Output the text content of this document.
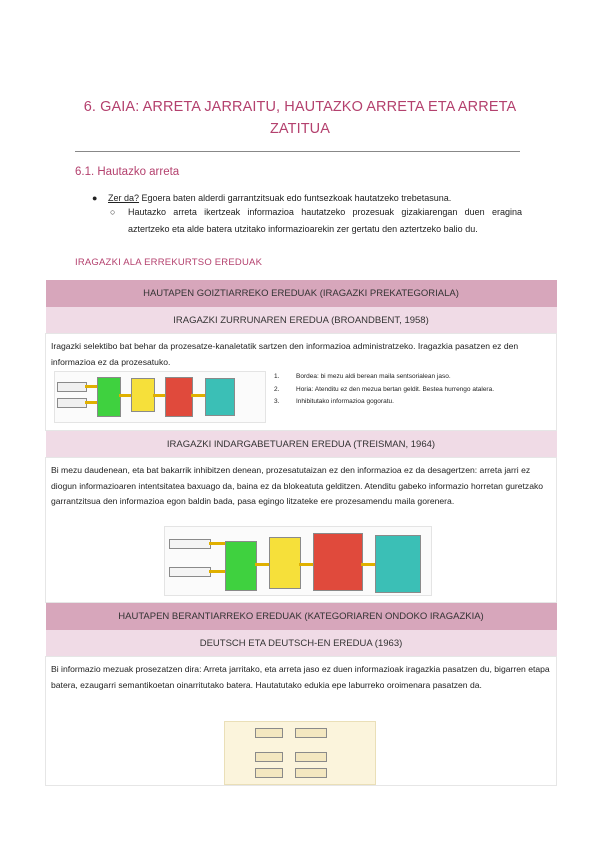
6. GAIA: ARRETA JARRAITU, HAUTAZKO ARRETA ETA ARRETA ZATITUA
6.1. Hautazko arreta
● Zer da? Egoera baten alderdi garrantzitsuak edo funtsezkoak hautatzeko trebetasuna.
○ Hautazko arreta ikertzeak informazioa hautatzeko prozesuak gizakiarengan duen eragina aztertzeko eta alde batera utzitako informazioarekin zer gertatu den aztertzeko balio du.
IRAGAZKI ALA ERREKURTSO EREDUAK
HAUTAPEN GOIZTIARREKO EREDUAK (IRAGAZKI PREKATEGORIALA)
IRAGAZKI ZURRUNAREN EREDUA (BROANDBENT, 1958)

Iragazki selektibo bat behar da prozesatze-kanaletatik sartzen den informazioa administratzeko. Iragazkia pasatzen ez den informazioa ez da prozesatuko.
1.	Bordea: bi mezu aldi berean maila sentsorialean jaso.
2.	Horia: Atenditu ez den mezua bertan geldit. Bestea hurrengo atalera.
3.	Inhibitutako informazioa gogoratu.

IRAGAZKI INDARGABETUAREN EREDUA (TREISMAN, 1964)

Bi mezu daudenean, eta bat bakarrik inhibitzen denean, prozesatutaizan ez den informazioa ez da desagertzen: arreta jarri ez diogun informazioaren intentsitatea baxuago da, baina ez da blokeatuta gelditzen. Atenditu gabeko informazio horretan guretzako garrantzitsua den informazioa egon baldin bada, pasa egingo litzateke ere prozesamendu maila gorenera.

HAUTAPEN BERANTIARREKO EREDUAK (KATEGORIAREN ONDOKO IRAGAZKIA)
DEUTSCH ETA DEUTSCH-EN EREDUA (1963)

Bi informazio mezuak prosezatzen dira: Arreta jarritako, eta arreta jaso ez duen informazioak iragazkia pasatzen du, bigarren etapa batera, ezaugarri semantikoetan oinarritutako batera. Hautatutako edukia epe laburreko oroimenara pasatzen da.
